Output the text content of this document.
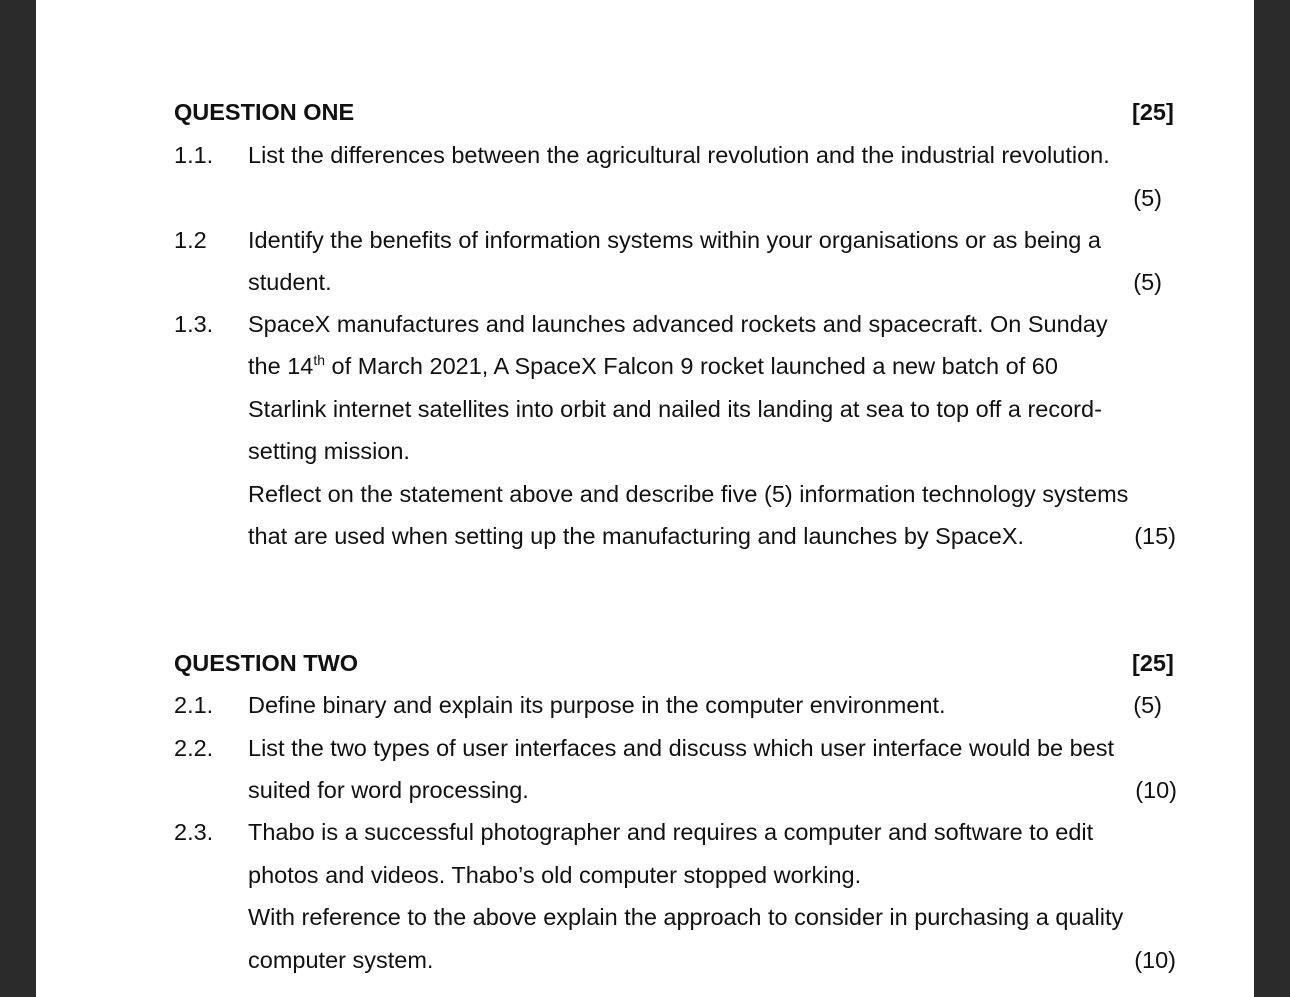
QUESTION ONE	[25]
1.1. List the differences between the agricultural revolution and the industrial revolution.
(5)
1.2 Identify the benefits of information systems within your organisations or as being a
student.	(5)
1.3. SpaceX manufactures and launches advanced rockets and spacecraft. On Sunday
the 14th of March 2021, A SpaceX Falcon 9 rocket launched a new batch of 60
Starlink internet satellites into orbit and nailed its landing at sea to top off a record-
setting mission.
Reflect on the statement above and describe five (5) information technology systems
that are used when setting up the manufacturing and launches by SpaceX.	(15)
QUESTION TWO	[25]
2.1. Define binary and explain its purpose in the computer environment.	(5)
2.2. List the two types of user interfaces and discuss which user interface would be best
suited for word processing.	(10)
2.3. Thabo is a successful photographer and requires a computer and software to edit
photos and videos. Thabo’s old computer stopped working.
With reference to the above explain the approach to consider in purchasing a quality
computer system.	(10)
